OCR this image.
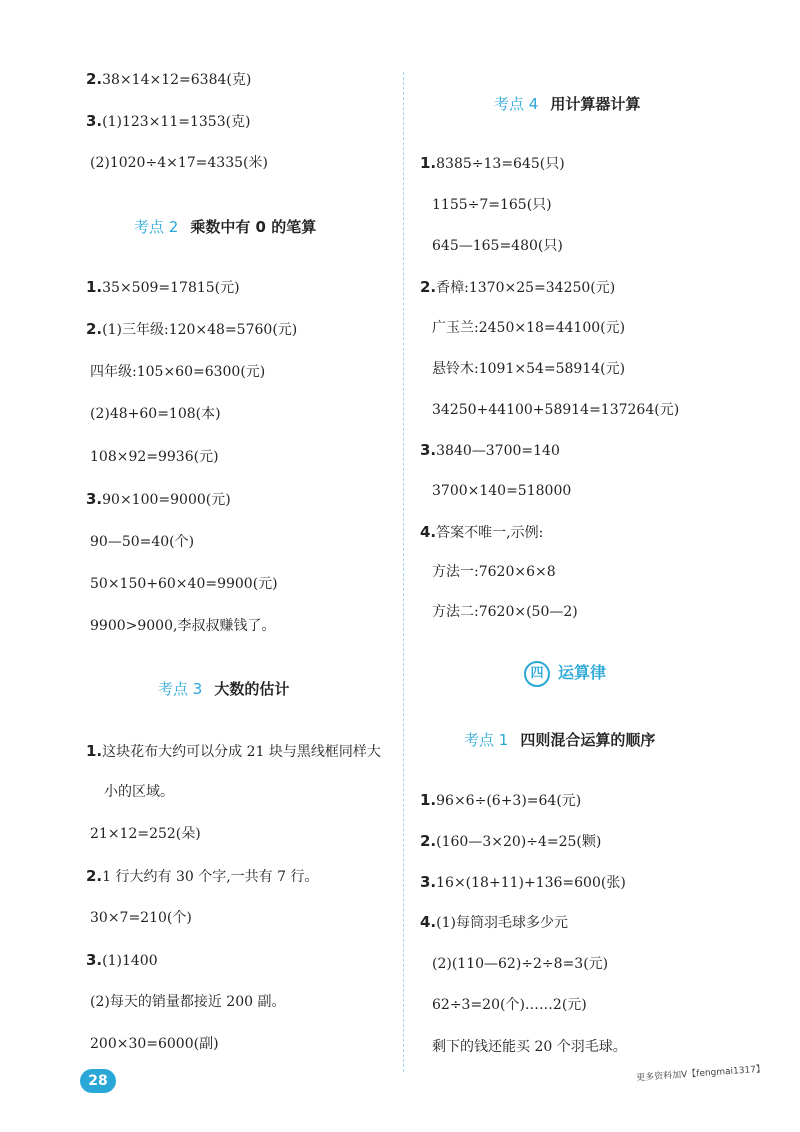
2.38×14×12=6384(克)
3.(1)123×11=1353(克)
(2)1020÷4×17=4335(米)
考点 2 乘数中有 0 的笔算
1.35×509=17815(元)
2.(1)三年级:120×48=5760(元)
四年级:105×60=6300(元)
(2)48+60=108(本)
108×92=9936(元)
3.90×100=9000(元)
90—50=40(个)
50×150+60×40=9900(元)
9900>9000,李叔叔赚钱了。
考点 3 大数的估计
1.这块花布大约可以分成 21 块与黑线框同样大
小的区域。
21×12=252(朵)
2.1 行大约有 30 个字,一共有 7 行。
30×7=210(个)
3.(1)1400
(2)每天的销量都接近 200 副。
200×30=6000(副)
考点 4 用计算器计算
1.8385÷13=645(只)
1155÷7=165(只)
645—165=480(只)
2.香樟:1370×25=34250(元)
广玉兰:2450×18=44100(元)
悬铃木:1091×54=58914(元)
34250+44100+58914=137264(元)
3.3840—3700=140
3700×140=518000
4.答案不唯一,示例:
方法一:7620×6×8
方法二:7620×(50—2)
四 运算律
考点 1 四则混合运算的顺序
1.96×6÷(6+3)=64(元)
2.(160—3×20)÷4=25(颗)
3.16×(18+11)+136=600(张)
4.(1)每筒羽毛球多少元
(2)(110—62)÷2÷8=3(元)
62÷3=20(个)……2(元)
剩下的钱还能买 20 个羽毛球。
28	更多资料加V【fengmai1317】
